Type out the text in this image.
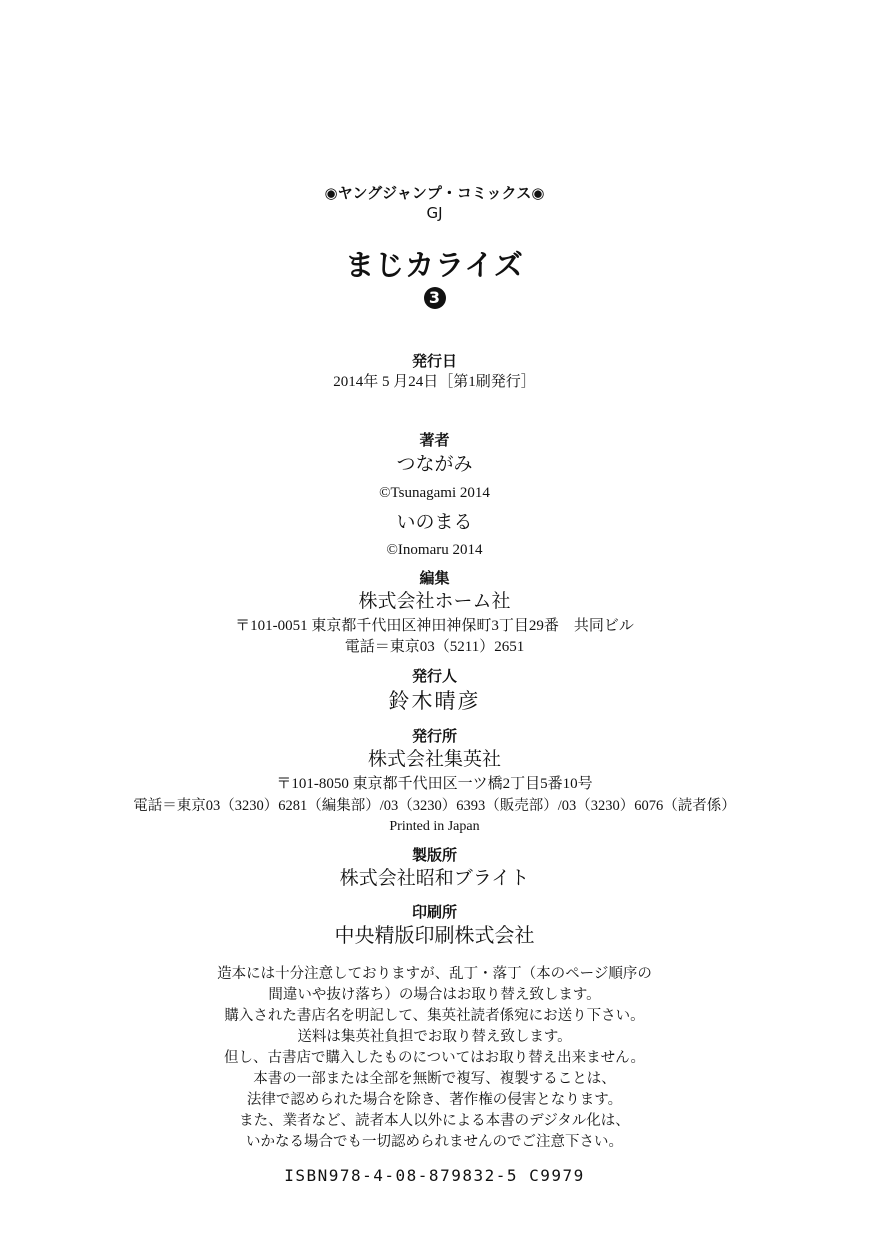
◉ヤングジャンプ・コミックス◉
GJ
まじカライズ
3
発行日
2014年 5 月24日［第1刷発行］
著者
つながみ
©Tsunagami 2014
いのまる
©Inomaru 2014
編集
株式会社ホーム社
〒101-0051 東京都千代田区神田神保町3丁目29番　共同ビル
電話＝東京03（5211）2651
発行人
鈴木晴彦
発行所
株式会社集英社
〒101-8050 東京都千代田区一ツ橋2丁目5番10号
電話＝東京03（3230）6281（編集部）/03（3230）6393（販売部）/03（3230）6076（読者係）
Printed in Japan
製版所
株式会社昭和ブライト
印刷所
中央精版印刷株式会社
造本には十分注意しておりますが、乱丁・落丁（本のページ順序の
間違いや抜け落ち）の場合はお取り替え致します。
購入された書店名を明記して、集英社読者係宛にお送り下さい。
送料は集英社負担でお取り替え致します。
但し、古書店で購入したものについてはお取り替え出来ません。
本書の一部または全部を無断で複写、複製することは、
法律で認められた場合を除き、著作権の侵害となります。
また、業者など、読者本人以外による本書のデジタル化は、
いかなる場合でも一切認められませんのでご注意下さい。
ISBN978-4-08-879832-5 C9979
